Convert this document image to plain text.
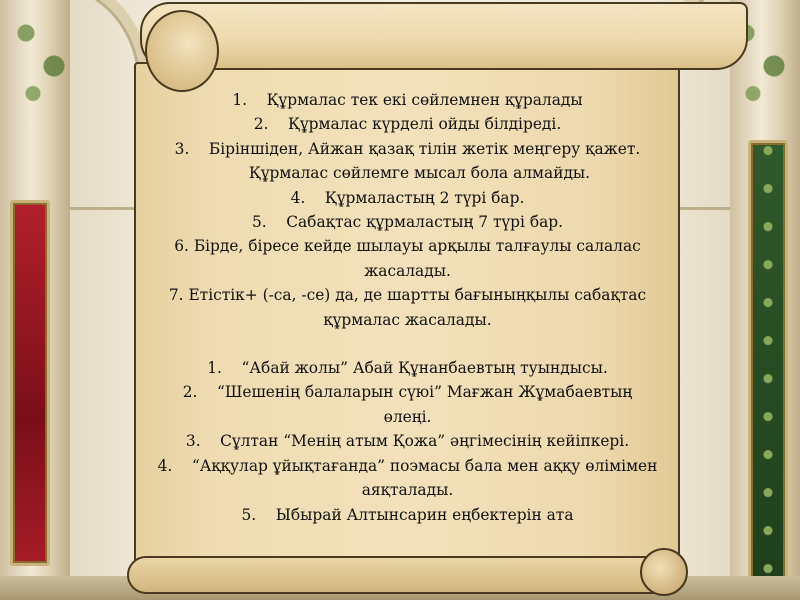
1. Құрмалас тек екі сөйлемнен құралады
2. Құрмалас күрделі ойды білдіреді.
3. Біріншіден, Айжан қазақ тілін жетік меңгеру қажет.
Құрмалас сөйлемге мысал бола алмайды.
4. Құрмаластың 2 түрі бар.
5. Сабақтас құрмаластың 7 түрі бар.
6. Бірде, біресе кейде шылауы арқылы талғаулы салалас
жасалады.
7. Етістік+ (-са, -се) да, де шартты бағыныңқылы сабақтас
құрмалас жасалады.
1. “Абай жолы” Абай Құнанбаевтың туындысы.
2. “Шешенің балаларын сүюі” Мағжан Жұмабаевтың
өлеңі.
3. Сұлтан “Менің атым Қожа” әңгімесінің кейіпкері.
4. “Аққулар ұйықтағанда” поэмасы бала мен аққу өлімімен
аяқталады.
5. Ыбырай Алтынсарин еңбектерін ата
